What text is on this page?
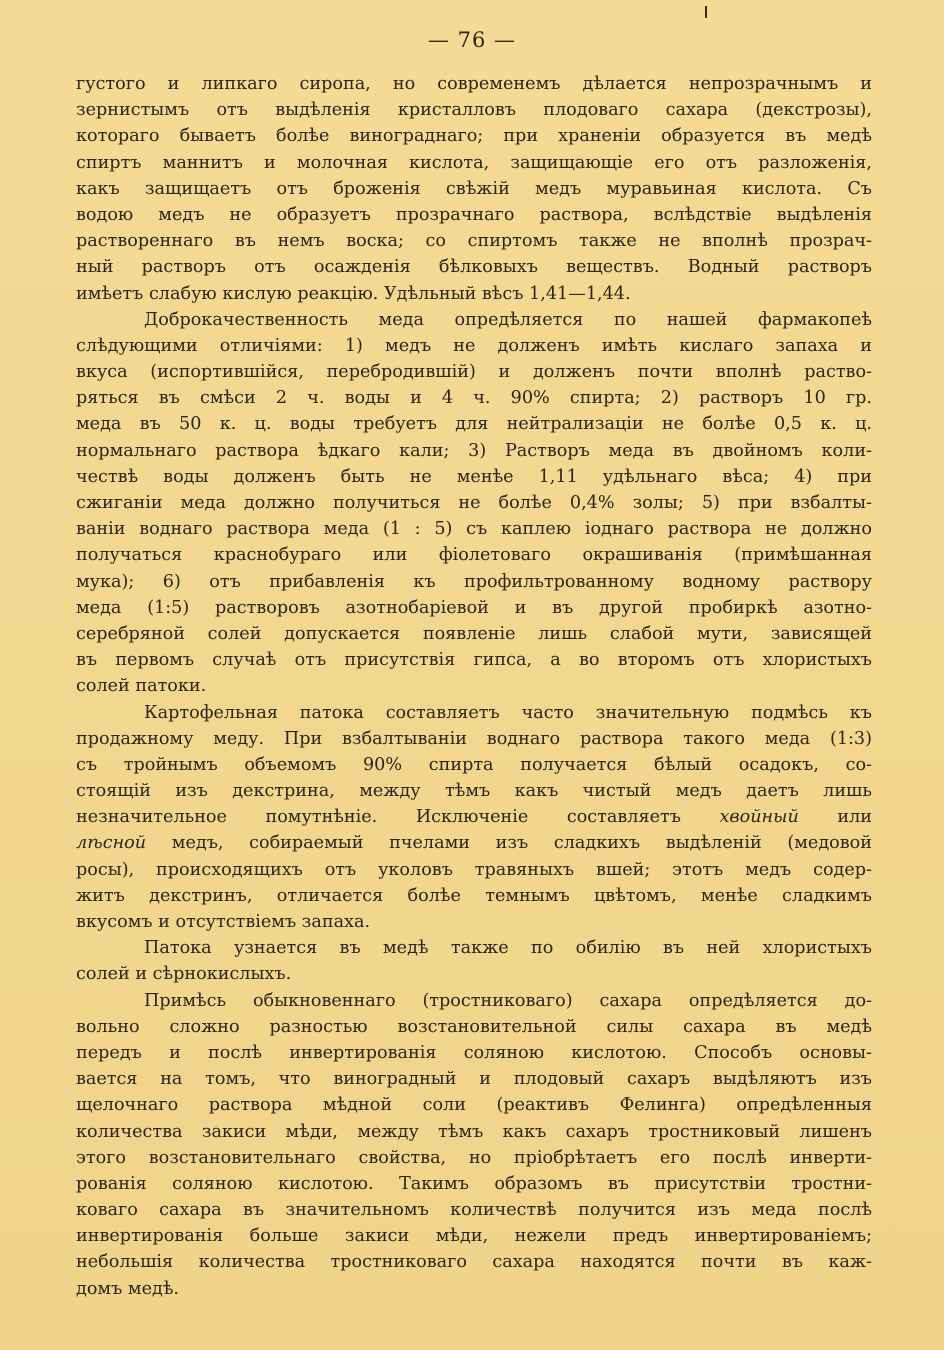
— 76 —
густого и липкаго сиропа, но современемъ дѣлается непрозрачнымъ и
зернистымъ отъ выдѣленія кристалловъ плодоваго сахара (декстрозы),
котораго бываетъ болѣе винограднаго; при храненіи образуется въ медѣ
спиртъ маннитъ и молочная кислота, защищающіе его отъ разложенія,
какъ защищаетъ отъ броженія свѣжій медъ муравьиная кислота. Съ
водою медъ не образуетъ прозрачнаго раствора, вслѣдствіе выдѣленія
раствореннаго въ немъ воска; со спиртомъ также не вполнѣ прозрач-
ный растворъ отъ осажденія бѣлковыхъ веществъ. Водный растворъ
имѣетъ слабую кислую реакцію. Удѣльный вѣсъ 1,41—1,44.
Доброкачественность меда опредѣляется по нашей фармакопеѣ
слѣдующими отличіями: 1) медъ не долженъ имѣть кислаго запаха и
вкуса (испортившійся, перебродившій) и долженъ почти вполнѣ раство-
ряться въ смѣси 2 ч. воды и 4 ч. 90% спирта; 2) растворъ 10 гр.
меда въ 50 к. ц. воды требуетъ для нейтрализаціи не болѣе 0,5 к. ц.
нормальнаго раствора ѣдкаго кали; 3) Растворъ меда въ двойномъ коли-
чествѣ воды долженъ быть не менѣе 1,11 удѣльнаго вѣса; 4) при
сжиганіи меда должно получиться не болѣе 0,4% золы; 5) при взбалты-
ваніи воднаго раствора меда (1 : 5) съ каплею іоднаго раствора не должно
получаться краснобураго или фіолетоваго окрашиванія (примѣшанная
мука); 6) отъ прибавленія къ профильтрованному водному раствору
меда (1:5) растворовъ азотнобаріевой и въ другой пробиркѣ азотно-
серебряной солей допускается появленіе лишь слабой мути, зависящей
въ первомъ случаѣ отъ присутствія гипса, а во второмъ отъ хлористыхъ
солей патоки.
Картофельная патока составляетъ часто значительную подмѣсь къ
продажному меду. При взбалтываніи воднаго раствора такого меда (1:3)
съ тройнымъ объемомъ 90% спирта получается бѣлый осадокъ, со-
стоящій изъ декстрина, между тѣмъ какъ чистый медъ даетъ лишь
незначительное помутнѣніе. Исключеніе составляетъ хвойный или
лѣсной медъ, собираемый пчелами изъ сладкихъ выдѣленій (медовой
росы), происходящихъ отъ уколовъ травяныхъ вшей; этотъ медъ содер-
житъ декстринъ, отличается болѣе темнымъ цвѣтомъ, менѣе сладкимъ
вкусомъ и отсутствіемъ запаха.
Патока узнается въ медѣ также по обилію въ ней хлористыхъ
солей и сѣрнокислыхъ.
Примѣсь обыкновеннаго (тростниковаго) сахара опредѣляется до-
вольно сложно разностью возстановительной силы сахара въ медѣ
передъ и послѣ инвертированія соляною кислотою. Способъ основы-
вается на томъ, что виноградный и плодовый сахаръ выдѣляютъ изъ
щелочнаго раствора мѣдной соли (реактивъ Фелинга) опредѣленныя
количества закиси мѣди, между тѣмъ какъ сахаръ тростниковый лишенъ
этого возстановительнаго свойства, но пріобрѣтаетъ его послѣ инверти-
рованія соляною кислотою. Такимъ образомъ въ присутствіи тростни-
коваго сахара въ значительномъ количествѣ получится изъ меда послѣ
инвертированія больше закиси мѣди, нежели предъ инвертированіемъ;
небольшія количества тростниковаго сахара находятся почти въ каж-
домъ медѣ.
